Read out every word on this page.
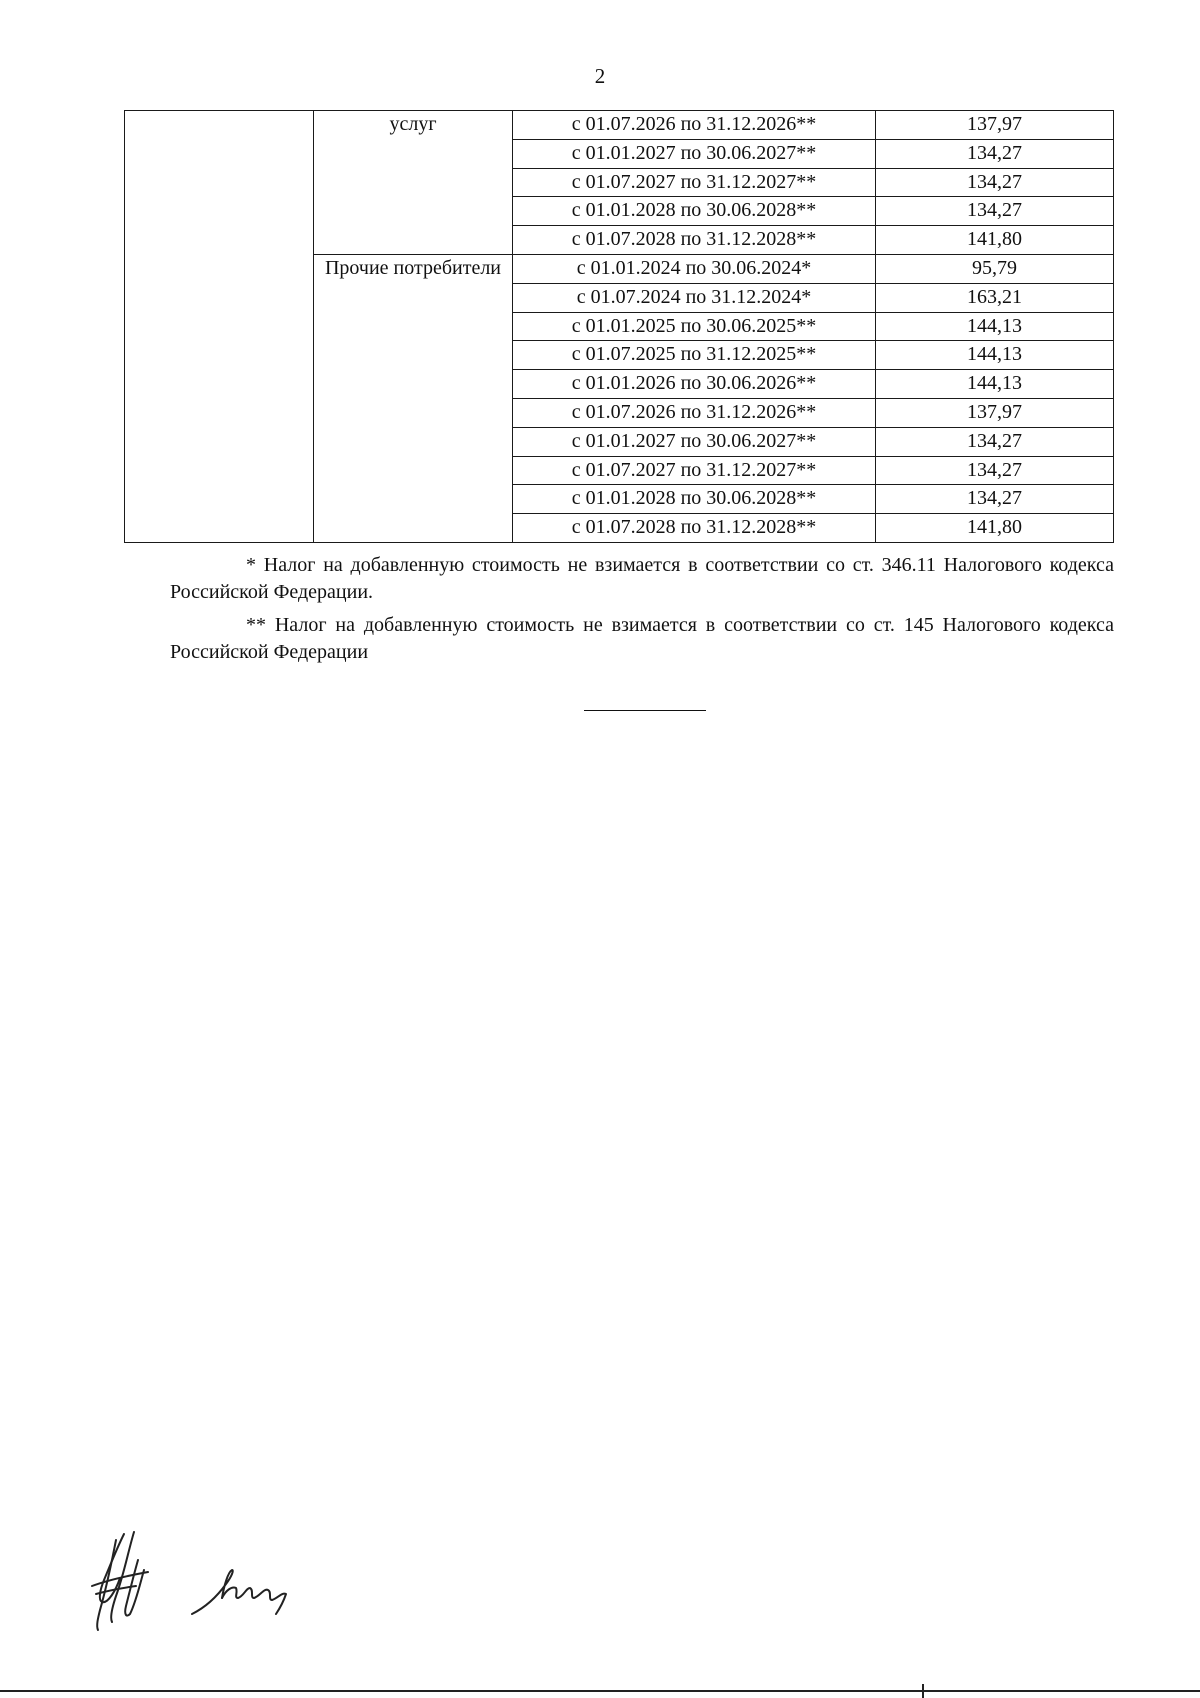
2

	услуг	с 01.07.2026 по 31.12.2026**	137,97
		с 01.01.2027 по 30.06.2027**	134,27
		с 01.07.2027 по 31.12.2027**	134,27
		с 01.01.2028 по 30.06.2028**	134,27
		с 01.07.2028 по 31.12.2028**	141,80

	Прочие потребители	с 01.01.2024 по 30.06.2024*	95,79
		с 01.07.2024 по 31.12.2024*	163,21
		с 01.01.2025 по 30.06.2025**	144,13
		с 01.07.2025 по 31.12.2025**	144,13
		с 01.01.2026 по 30.06.2026**	144,13
		с 01.07.2026 по 31.12.2026**	137,97
		с 01.01.2027 по 30.06.2027**	134,27
		с 01.07.2027 по 31.12.2027**	134,27
		с 01.01.2028 по 30.06.2028**	134,27
		с 01.07.2028 по 31.12.2028**	141,80

* Налог на добавленную стоимость не взимается в соответствии со ст. 346.11 Налогового кодекса Российской Федерации.

** Налог на добавленную стоимость не взимается в соответствии со ст. 145 Налогового кодекса Российской Федерации
